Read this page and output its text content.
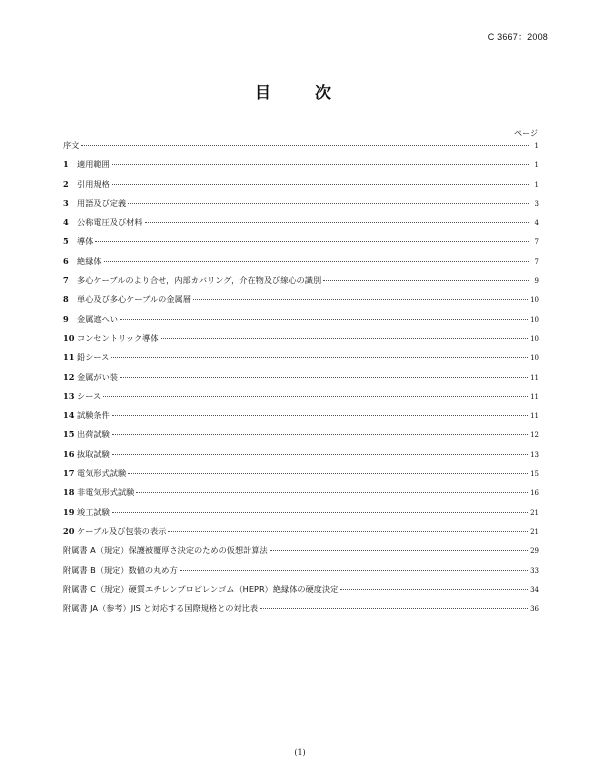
C 3667：2008
目　次
ページ
序文	1
1	適用範囲	1
2	引用規格	1
3	用語及び定義	3
4	公称電圧及び材料	4
5	導体	7
6	絶縁体	7
7	多心ケーブルのより合せ，内部カバリング，介在物及び線心の識別	9
8	単心及び多心ケーブルの金属層	10
9	金属遮へい	10
10 コンセントリック導体	10
11 鉛シース	10
12 金属がい装	11
13 シース	11
14 試験条件	11
15 出荷試験	12
16 抜取試験	13
17 電気形式試験	15
18 非電気形式試験	16
19 竣工試験	21
20 ケーブル及び包装の表示	21
附属書 A（規定）保護被覆厚さ決定のための仮想計算法	29
附属書 B（規定）数値の丸め方	33
附属書 C（規定）硬質エチレンプロピレンゴム（HEPR）絶縁体の硬度決定	34
附属書 JA（参考）JIS と対応する国際規格との対比表	36
(1)
